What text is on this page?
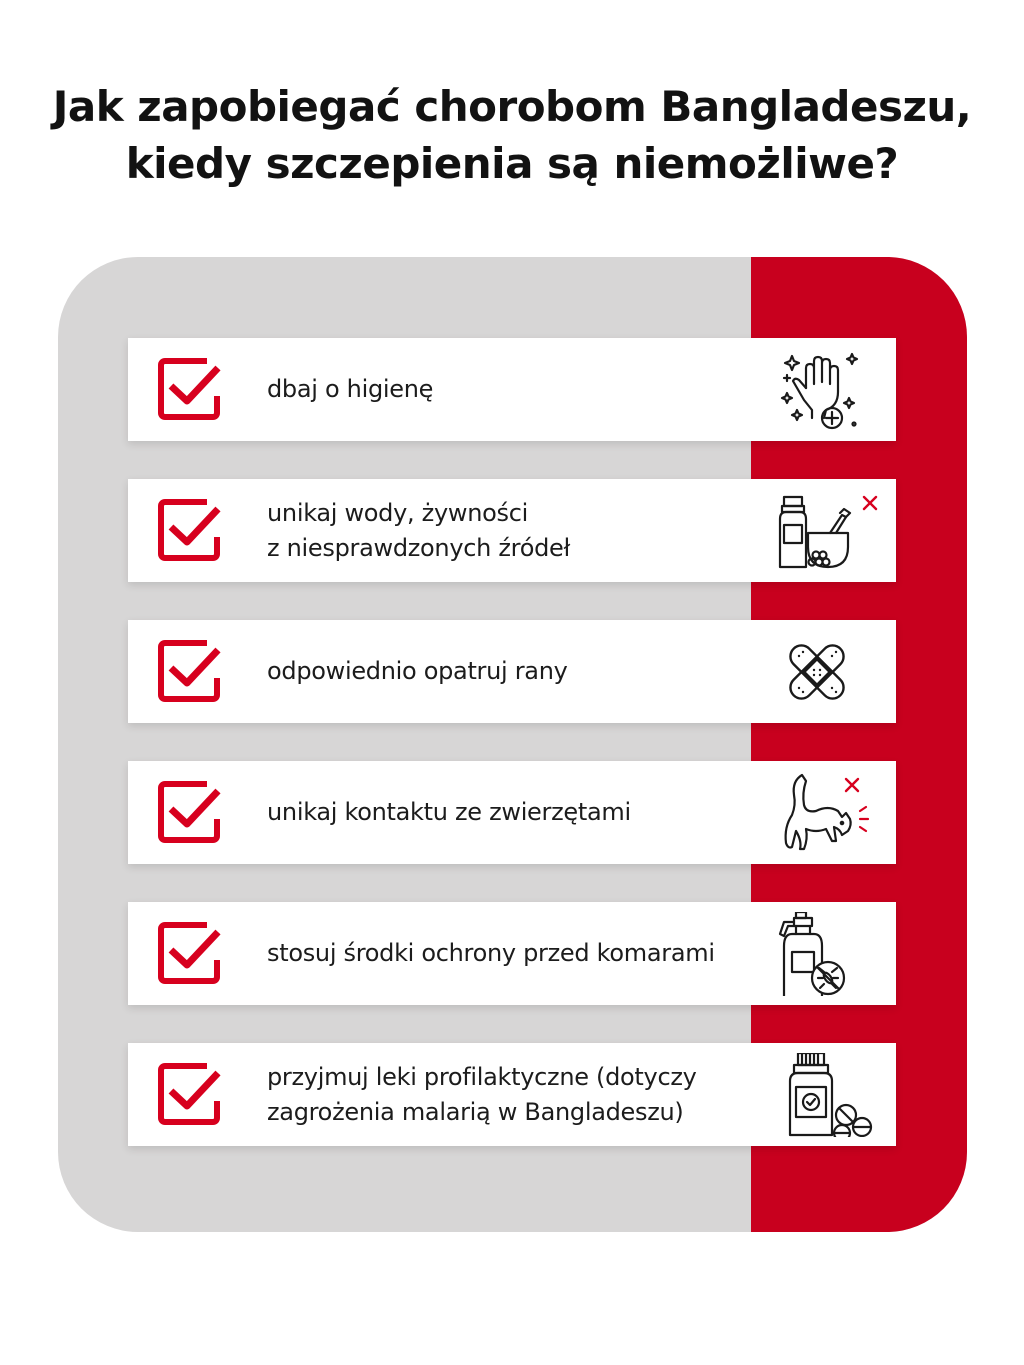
Jak zapobiegać chorobom Bangladeszu,
kiedy szczepienia są niemożliwe?
dbaj o higienę
unikaj wody, żywności
z niesprawdzonych źródeł
odpowiednio opatruj rany
unikaj kontaktu ze zwierzętami
stosuj środki ochrony przed komarami
przyjmuj leki profilaktyczne (dotyczy
zagrożenia malarią w Bangladeszu)
